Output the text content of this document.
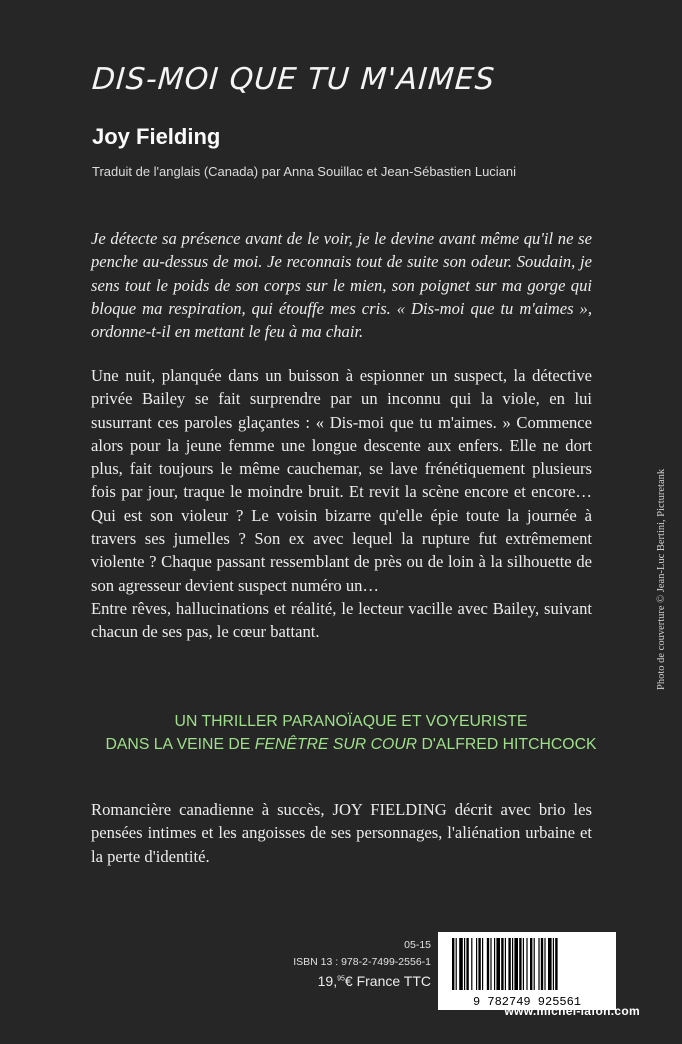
DIS-MOI QUE TU M'AIMES
Joy Fielding
Traduit de l'anglais (Canada) par Anna Souillac et Jean-Sébastien Luciani
Je détecte sa présence avant de le voir, je le devine avant même qu'il ne se penche au-dessus de moi. Je reconnais tout de suite son odeur. Soudain, je sens tout le poids de son corps sur le mien, son poignet sur ma gorge qui bloque ma respiration, qui étouffe mes cris. « Dis-moi que tu m'aimes », ordonne-t-il en mettant le feu à ma chair.

Une nuit, planquée dans un buisson à espionner un suspect, la détective privée Bailey se fait surprendre par un inconnu qui la viole, en lui susurrant ces paroles glaçantes : « Dis-moi que tu m'aimes. » Commence alors pour la jeune femme une longue descente aux enfers. Elle ne dort plus, fait toujours le même cauchemar, se lave frénétiquement plusieurs fois par jour, traque le moindre bruit. Et revit la scène encore et encore… Qui est son violeur ? Le voisin bizarre qu'elle épie toute la journée à travers ses jumelles ? Son ex avec lequel la rupture fut extrêmement violente ? Chaque passant ressemblant de près ou de loin à la silhouette de son agresseur devient suspect numéro un…

Entre rêves, hallucinations et réalité, le lecteur vacille avec Bailey, suivant chacun de ses pas, le cœur battant.

UN THRILLER PARANOÏAQUE ET VOYEURISTE
DANS LA VEINE DE FENÊTRE SUR COUR D'ALFRED HITCHCOCK
Romancière canadienne à succès, JOY FIELDING décrit avec brio les pensées intimes et les angoisses de ses personnages, l'aliénation urbaine et la perte d'identité.
Photo de couverture © Jean-Luc Bertini, Picturetank
05-15
ISBN 13 : 978-2-7499-2556-1
19,95€ France TTC
9 782749 925561
www.michel-lafon.com
